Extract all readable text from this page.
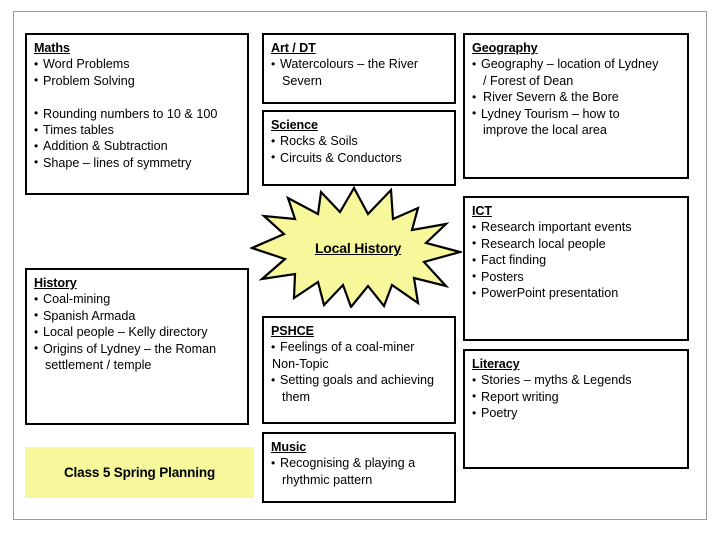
Maths
• Word Problems
• Problem Solving
• Rounding numbers to 10 & 100
• Times tables
• Addition & Subtraction
• Shape – lines of symmetry
Art / DT
• Watercolours – the River
Severn
Science
• Rocks & Soils
• Circuits & Conductors
Geography
• Geography – location of Lydney
/ Forest of Dean
• River Severn & the Bore
• Lydney Tourism – how to
improve the local area
ICT
• Research important events
• Research local people
• Fact finding
• Posters
• PowerPoint presentation
Literacy
• Stories – myths & Legends
• Report writing
• Poetry
History
• Coal-mining
• Spanish Armada
• Local people – Kelly directory
• Origins of Lydney – the Roman
settlement / temple
PSHCE
• Feelings of a coal-miner
Non-Topic
• Setting goals and achieving
them
Music
• Recognising & playing a
rhythmic pattern
Local History
Class 5 Spring Planning
